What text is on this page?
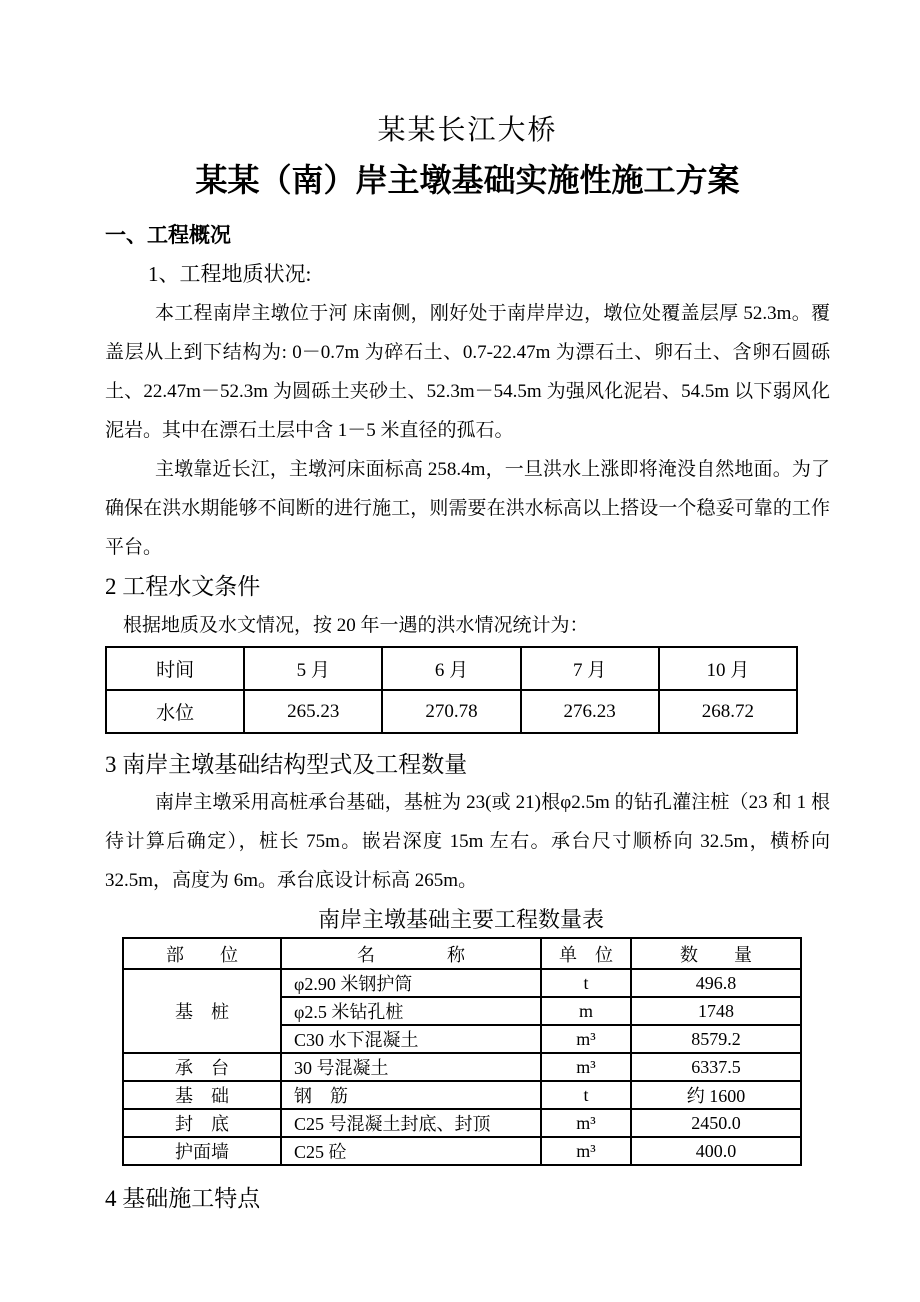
某某长江大桥
某某（南）岸主墩基础实施性施工方案
一、工程概况
1、工程地质状况:

本工程南岸主墩位于河 床南侧，刚好处于南岸岸边，墩位处覆盖层厚 52.3m。覆盖层从上到下结构为: 0－0.7m 为碎石土、0.7-22.47m 为漂石土、卵石土、含卵石圆砾土、22.47m－52.3m 为圆砾土夹砂土、52.3m－54.5m 为强风化泥岩、54.5m 以下弱风化泥岩。其中在漂石土层中含 1－5 米直径的孤石。

主墩靠近长江，主墩河床面标高 258.4m，一旦洪水上涨即将淹没自然地面。为了确保在洪水期能够不间断的进行施工，则需要在洪水标高以上搭设一个稳妥可靠的工作平台。

2 工程水文条件

根据地质及水文情况，按 20 年一遇的洪水情况统计为：

时间	5 月	6 月	7 月	10 月
水位	265.23	270.78	276.23	268.72
3 南岸主墩基础结构型式及工程数量

南岸主墩采用高桩承台基础，基桩为 23(或 21)根φ2.5m 的钻孔灌注桩（23 和 1 根待计算后确定），桩长 75m。嵌岩深度 15m 左右。承台尺寸顺桥向 32.5m，横桥向 32.5m，高度为 6m。承台底设计标高 265m。

南岸主墩基础主要工程数量表
部　　位	名　　　　称	单　位	数　　量
基　桩	φ2.90 米钢护筒	t	496.8
	φ2.5 米钻孔桩	m	1748
	C30 水下混凝土	m³	8579.2
承　台	30 号混凝土	m³	6337.5
基　础	钢　筋	t	约 1600
封　底	C25 号混凝土封底、封顶	m³	2450.0
护面墙	C25 砼	m³	400.0
4 基础施工特点
